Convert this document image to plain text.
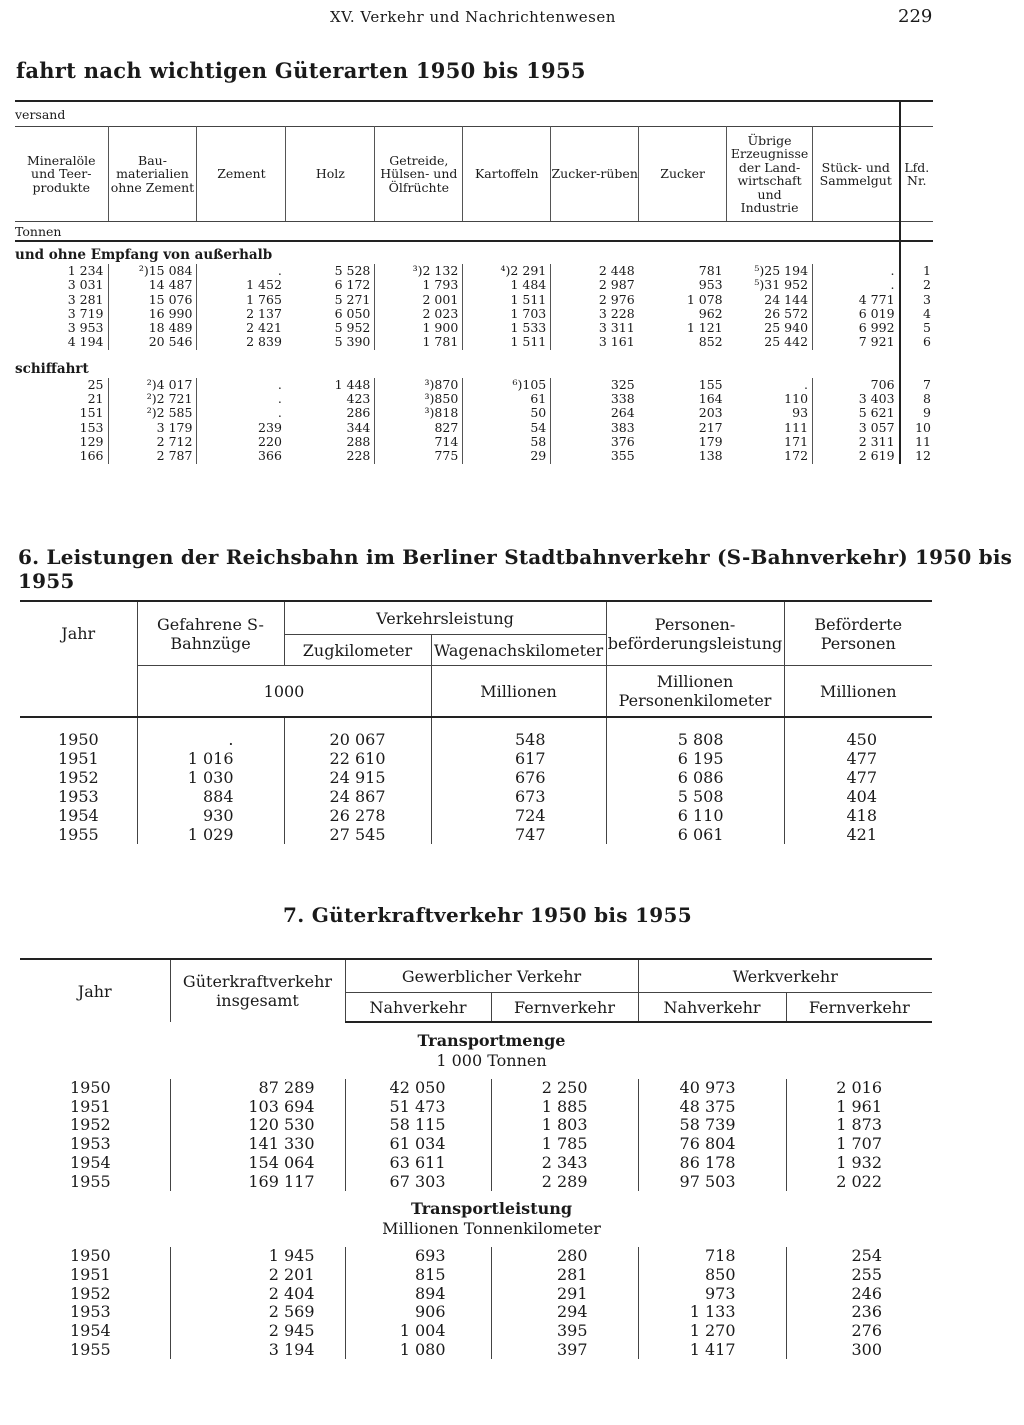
XV. Verkehr und Nachrichtenwesen	229
fahrt nach wichtigen Güterarten 1950 bis 1955

versand										
Mineralöle und Teer-produkte	Bau-materialien ohne Zement	Zement	Holz	Getreide, Hülsen- und Ölfrüchte	Kartoffeln	Zucker-rüben	Zucker	Übrige Erzeugnisse der Land-wirtschaft und Industrie	Stück- und Sammelgut	Lfd. Nr.
Tonnen										
und ohne Empfang von außerhalb										
1 234	²)15 084	.	5 528	³)2 132	⁴)2 291	2 448	781	⁵)25 194	.	1
3 031	14 487	1 452	6 172	1 793	1 484	2 987	953	⁵)31 952	.	2
3 281	15 076	1 765	5 271	2 001	1 511	2 976	1 078	24 144	4 771	3
3 719	16 990	2 137	6 050	2 023	1 703	3 228	962	26 572	6 019	4
3 953	18 489	2 421	5 952	1 900	1 533	3 311	1 121	25 940	6 992	5
4 194	20 546	2 839	5 390	1 781	1 511	3 161	852	25 442	7 921	6

schiffahrt										
25	²)4 017	.	1 448	³)870	⁶)105	325	155	.	706	7
21	²)2 721	.	423	³)850	61	338	164	110	3 403	8
151	²)2 585	.	286	³)818	50	264	203	93	5 621	9
153	3 179	239	344	827	54	383	217	111	3 057	10
129	2 712	220	288	714	58	376	179	171	2 311	11
166	2 787	366	228	775	29	355	138	172	2 619	12
6. Leistungen der Reichsbahn im Berliner Stadtbahnverkehr (S-Bahnverkehr) 1950 bis 1955
Jahr	Gefahrene S-Bahnzüge	Verkehrsleistung		Personen-beförderungsleistung	Beförderte Personen
		Zugkilometer	Wagenachskilometer		
	1000		Millionen	Millionen Personenkilometer	Millionen

1950	.	20 067	548	5 808	450
1951	1 016	22 610	617	6 195	477
1952	1 030	24 915	676	6 086	477
1953	884	24 867	673	5 508	404
1954	930	26 278	724	6 110	418
1955	1 029	27 545	747	6 061	421
7. Güterkraftverkehr 1950 bis 1955
Jahr	Güterkraftverkehr insgesamt	Gewerblicher Verkehr		Werkverkehr	
		Nahverkehr	Fernverkehr	Nahverkehr	Fernverkehr

		Transportmenge			
		1 000 Tonnen			

1950	87 289	42 050	2 250	40 973	2 016
1951	103 694	51 473	1 885	48 375	1 961
1952	120 530	58 115	1 803	58 739	1 873
1953	141 330	61 034	1 785	76 804	1 707
1954	154 064	63 611	2 343	86 178	1 932
1955	169 117	67 303	2 289	97 503	2 022

		Transportleistung			
		Millionen Tonnenkilometer			

1950	1 945	693	280	718	254
1951	2 201	815	281	850	255
1952	2 404	894	291	973	246
1953	2 569	906	294	1 133	236
1954	2 945	1 004	395	1 270	276
1955	3 194	1 080	397	1 417	300
